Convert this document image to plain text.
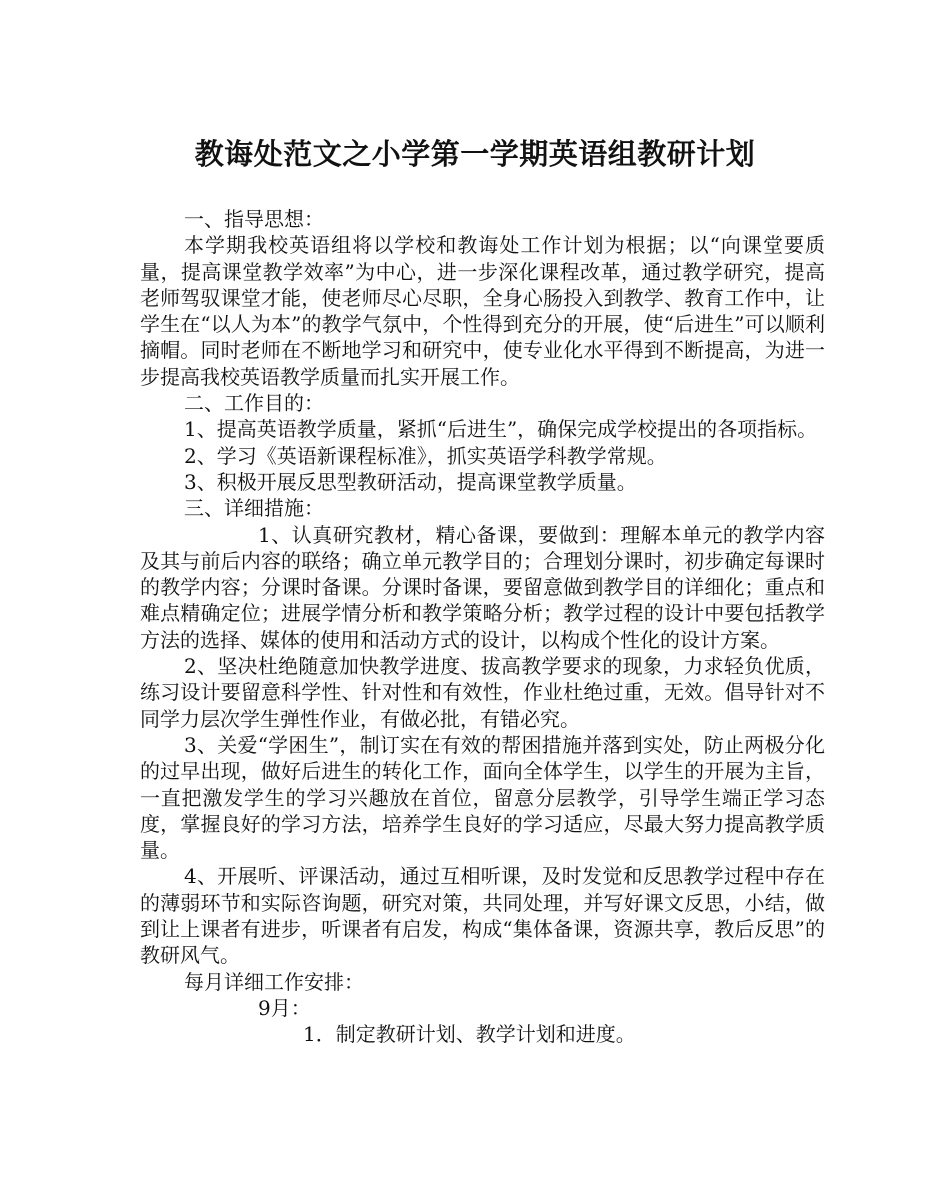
教诲处范文之小学第一学期英语组教研计划

一、指导思想：

本学期我校英语组将以学校和教诲处工作计划为根据；以“向课堂要质量，提高课堂教学效率”为中心，进一步深化课程改革，通过教学研究，提高老师驾驭课堂才能，使老师尽心尽职，全身心肠投入到教学、教育工作中，让学生在“以人为本”的教学气氛中，个性得到充分的开展，使“后进生”可以顺利摘帽。同时老师在不断地学习和研究中，使专业化水平得到不断提高，为进一步提高我校英语教学质量而扎实开展工作。

二、工作目的：

1、提高英语教学质量，紧抓“后进生”，确保完成学校提出的各项指标。

2、学习《英语新课程标准》，抓实英语学科教学常规。

3、积极开展反思型教研活动，提高课堂教学质量。

三、详细措施：

1、认真研究教材，精心备课，要做到：理解本单元的教学内容及其与前后内容的联络；确立单元教学目的；合理划分课时，初步确定每课时的教学内容；分课时备课。分课时备课，要留意做到教学目的详细化；重点和难点精确定位；进展学情分析和教学策略分析；教学过程的设计中要包括教学方法的选择、媒体的使用和活动方式的设计，以构成个性化的设计方案。

2、坚决杜绝随意加快教学进度、拔高教学要求的现象，力求轻负优质，练习设计要留意科学性、针对性和有效性，作业杜绝过重，无效。倡导针对不同学力层次学生弹性作业，有做必批，有错必究。

3、关爱“学困生”，制订实在有效的帮困措施并落到实处，防止两极分化的过早出现，做好后进生的转化工作，面向全体学生，以学生的开展为主旨，一直把激发学生的学习兴趣放在首位，留意分层教学，引导学生端正学习态度，掌握良好的学习方法，培养学生良好的学习适应，尽最大努力提高教学质量。

4、开展听、评课活动，通过互相听课，及时发觉和反思教学过程中存在的薄弱环节和实际咨询题，研究对策，共同处理，并写好课文反思，小结，做到让上课者有进步，听课者有启发，构成“集体备课，资源共享，教后反思”的教研风气。

每月详细工作安排：

9月：

1．制定教研计划、教学计划和进度。
